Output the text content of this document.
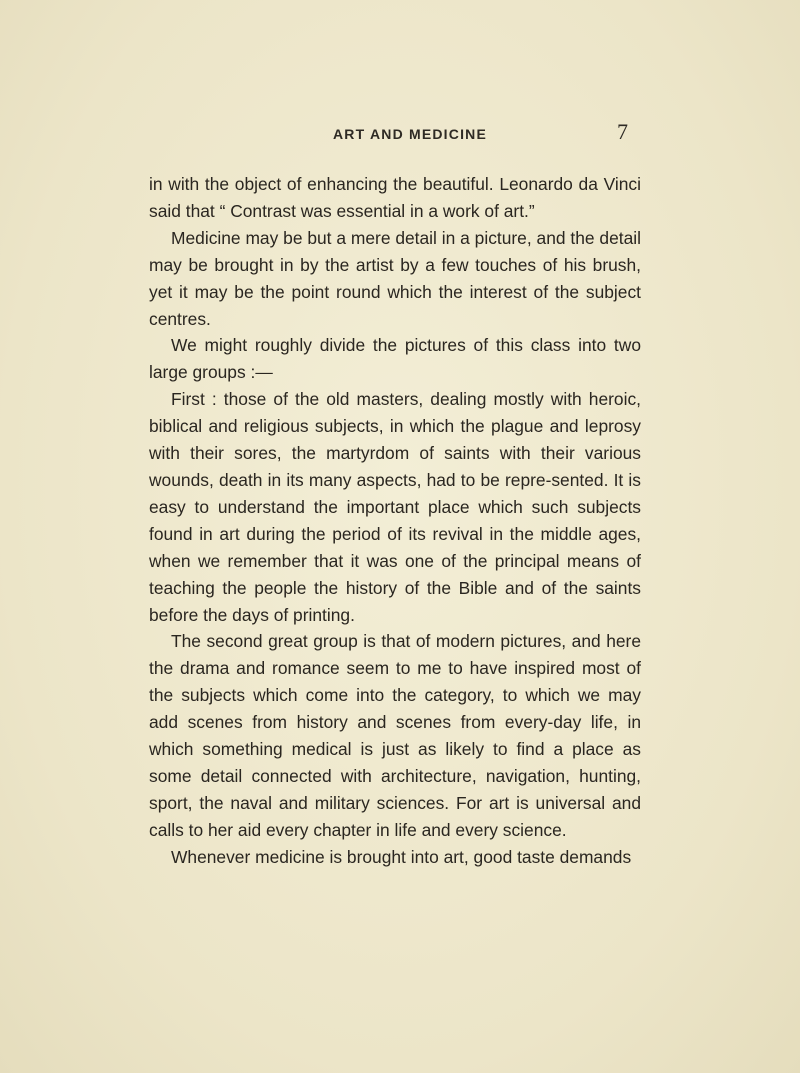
ART AND MEDICINE	7

in with the object of enhancing the beautiful. Leonardo da Vinci said that “ Contrast was essential in a work of art.”

Medicine may be but a mere detail in a picture, and the detail may be brought in by the artist by a few touches of his brush, yet it may be the point round which the interest of the subject centres.

We might roughly divide the pictures of this class into two large groups :—

First : those of the old masters, dealing mostly with heroic, biblical and religious subjects, in which the plague and leprosy with their sores, the martyrdom of saints with their various wounds, death in its many aspects, had to be repre-sented. It is easy to understand the important place which such subjects found in art during the period of its revival in the middle ages, when we remember that it was one of the principal means of teaching the people the history of the Bible and of the saints before the days of printing.

The second great group is that of modern pictures, and here the drama and romance seem to me to have inspired most of the subjects which come into the category, to which we may add scenes from history and scenes from every-day life, in which something medical is just as likely to find a place as some detail connected with architecture, navigation, hunting, sport, the naval and military sciences. For art is universal and calls to her aid every chapter in life and every science.

Whenever medicine is brought into art, good taste demands
